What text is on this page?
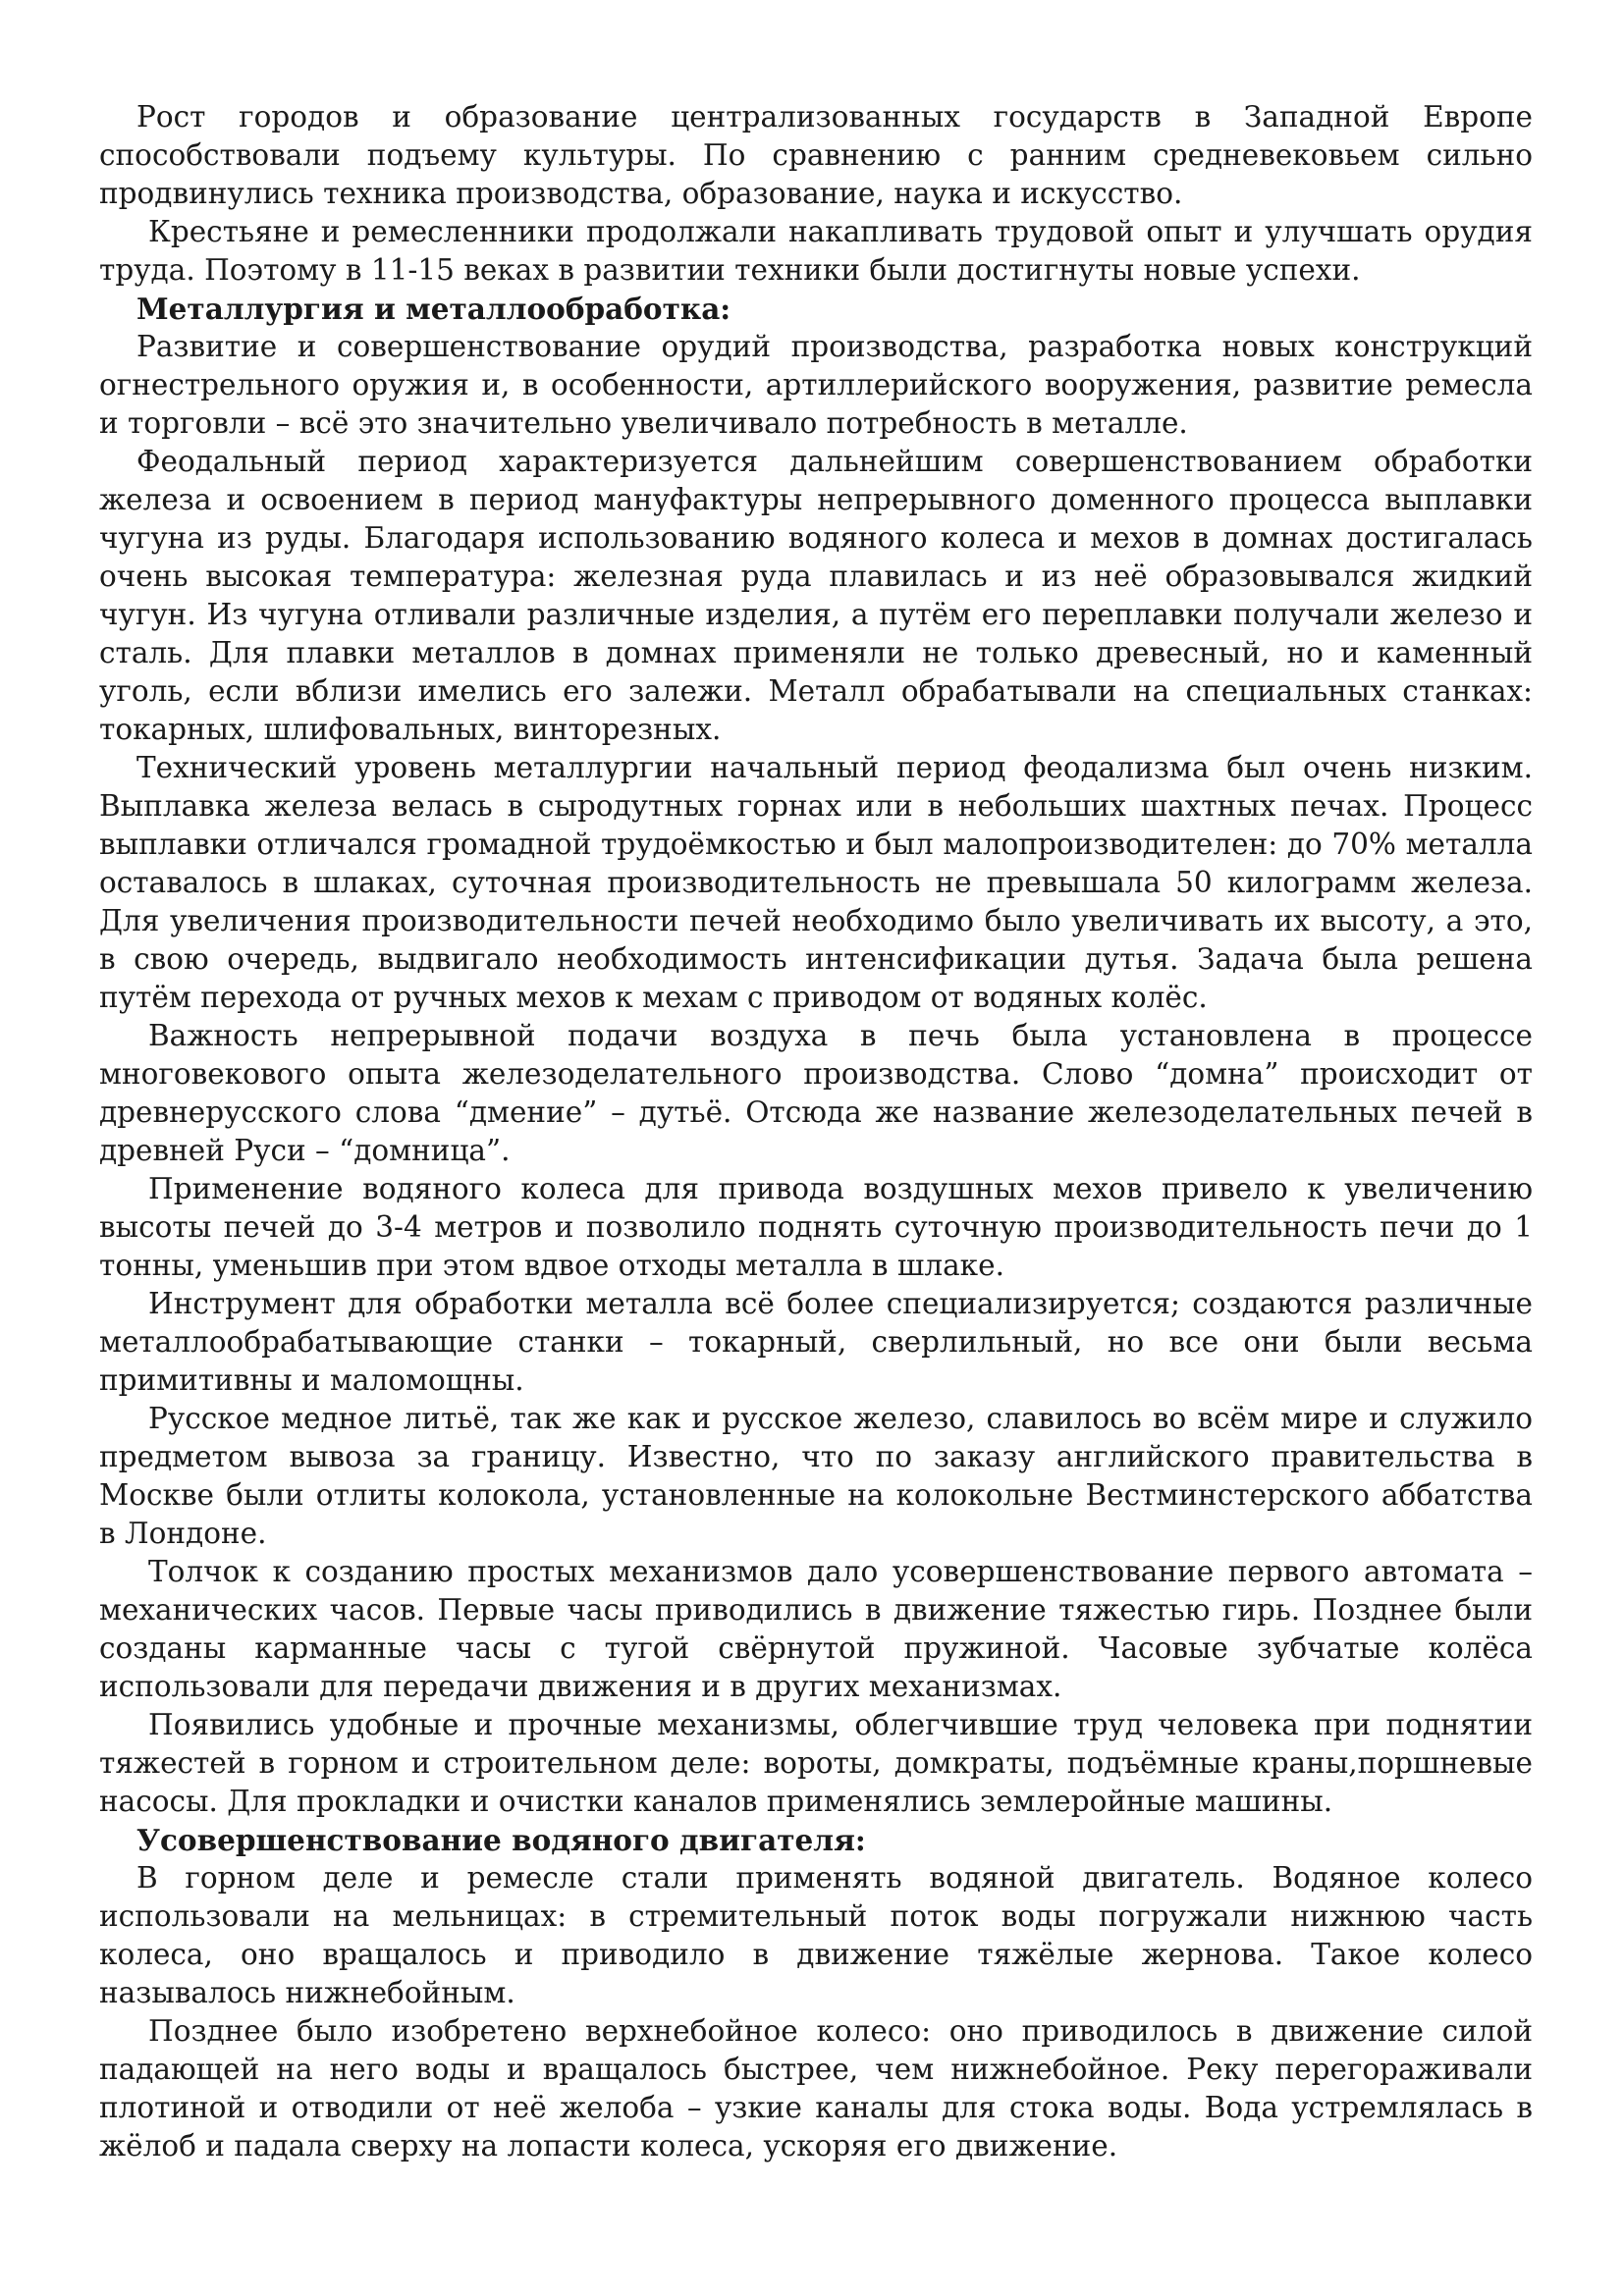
Рост городов и образование централизованных государств в Западной Европе способствовали подъему культуры. По сравнению с ранним средневековьем сильно продвинулись техника производства, образование, наука и искусство.

Крестьяне и ремесленники продолжали накапливать трудовой опыт и улучшать орудия труда. Поэтому в 11-15 веках в развитии техники были достигнуты новые успехи.

Металлургия и металлообработка:

Развитие и совершенствование орудий производства, разработка новых конструкций огнестрельного оружия и, в особенности, артиллерийского вооружения, развитие ремесла и торговли – всё это значительно увеличивало потребность в металле.

Феодальный период характеризуется дальнейшим совершенствованием обработки железа и освоением в период мануфактуры непрерывного доменного процесса выплавки чугуна из руды. Благодаря использованию водяного колеса и мехов в домнах достигалась очень высокая температура: железная руда плавилась и из неё образовывался жидкий чугун. Из чугуна отливали различные изделия, а путём его переплавки получали железо и сталь. Для плавки металлов в домнах применяли не только древесный, но и каменный уголь, если вблизи имелись его залежи. Металл обрабатывали на специальных станках: токарных, шлифовальных, винторезных.

Технический уровень металлургии начальный период феодализма был очень низким. Выплавка железа велась в сыродутных горнах или в небольших шахтных печах. Процесс выплавки отличался громадной трудоёмкостью и был малопроизводителен: до 70% металла оставалось в шлаках, суточная производительность не превышала 50 килограмм железа. Для увеличения производительности печей необходимо было увеличивать их высоту, а это, в свою очередь, выдвигало необходимость интенсификации дутья. Задача была решена путём перехода от ручных мехов к мехам с приводом от водяных колёс.

Важность непрерывной подачи воздуха в печь была установлена в процессе многовекового опыта железоделательного производства. Слово “домна” происходит от древнерусского слова “дмение” – дутьё. Отсюда же название железоделательных печей в древней Руси – “домница”.

Применение водяного колеса для привода воздушных мехов привело к увеличению высоты печей до 3-4 метров и позволило поднять суточную производительность печи до 1 тонны, уменьшив при этом вдвое отходы металла в шлаке.

Инструмент для обработки металла всё более специализируется; создаются различные металлообрабатывающие станки – токарный, сверлильный, но все они были весьма примитивны и маломощны.

Русское медное литьё, так же как и русское железо, славилось во всём мире и служило предметом вывоза за границу. Известно, что по заказу английского правительства в Москве были отлиты колокола, установленные на колокольне Вестминстерского аббатства в Лондоне.

Толчок к созданию простых механизмов дало усовершенствование первого автомата – механических часов. Первые часы приводились в движение тяжестью гирь. Позднее были созданы карманные часы с тугой свёрнутой пружиной. Часовые зубчатые колёса использовали для передачи движения и в других механизмах.

Появились удобные и прочные механизмы, облегчившие труд человека при поднятии тяжестей в горном и строительном деле: вороты, домкраты, подъёмные краны,поршневые насосы. Для прокладки и очистки каналов применялись землеройные машины.

Усовершенствование водяного двигателя:

В горном деле и ремесле стали применять водяной двигатель. Водяное колесо использовали на мельницах: в стремительный поток воды погружали нижнюю часть колеса, оно вращалось и приводило в движение тяжёлые жернова. Такое колесо называлось нижнебойным.

Позднее было изобретено верхнебойное колесо: оно приводилось в движение силой падающей на него воды и вращалось быстрее, чем нижнебойное. Реку перегораживали плотиной и отводили от неё желоба – узкие каналы для стока воды. Вода устремлялась в жёлоб и падала сверху на лопасти колеса, ускоряя его движение.
